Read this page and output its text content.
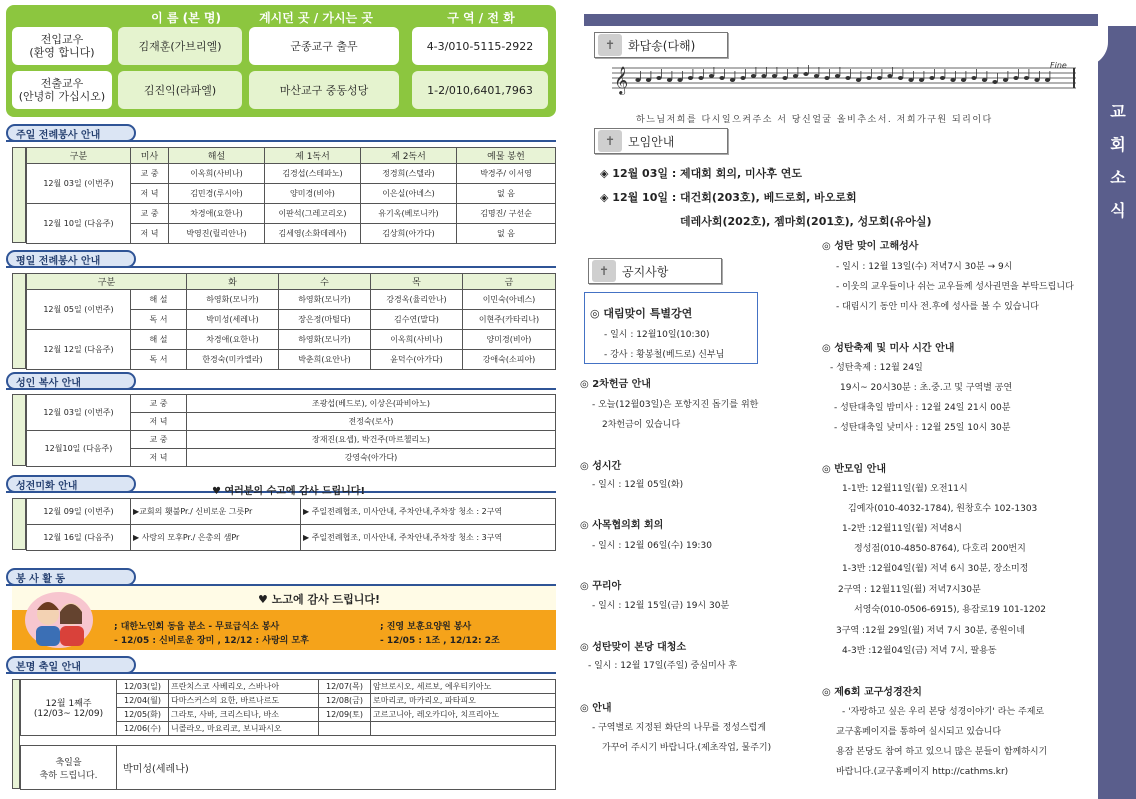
이 름 (본 명)	계시던 곳 / 가시는 곳	구 역 / 전 화
전입교우
(환영 합니다)	김재훈(가브리엘)	군종교구 출무	4-3/010-5115-2922
전출교우
(안녕히 가십시오)	김진익(라파엘)	마산교구 중동성당	1-2/010,6401,7963
주일 전례봉사 안내
구분	미사	해설	제 1독서	제 2독서	예물 봉헌
12월 03일 (이번주)	교 중	이옥희(사비나)	김경섭(스테파노)	정경희(스텔라)	박경주/ 이서영
	저 녁	김민경(루시아)	양미경(비아)	이은실(아녜스)	없 음
12월 10일 (다음주)	교 중	차경애(요한나)	이판석(그레고리오)	유기옥(베로니카)	김명진/ 구선순
	저 녁	박영진(릴리안나)	김세영(소화데레사)	김상희(아가다)	없 음
평일 전례봉사 안내
구분		화	수	목	금
12월 05일 (이번주)	해 설	하영화(모니카)	하영화(모니카)	강경옥(율리안나)	이민숙(아녜스)
	독 서	박미성(세레나)	장은정(마틸다)	김수연(말다)	이현주(카타리나)
12월 12일 (다음주)	해 설	차경애(요한나)	하영화(모니카)	이옥희(사비나)	양미경(비아)
	독 서	한경숙(미카엘라)	박춘희(요안나)	윤덕수(아가다)	강애숙(소피아)
성인 복사 안내
12월 03일 (이번주)	교 중	조광섭(베드로), 이상은(파비아노)
	저 녁	전정숙(로사)
12월10일 (다음주)	교 중	장재진(요셉), 박건주(마르첼리노)
	저 녁	강영숙(아가다)
성전미화 안내	♥ 여러분의 수고에 감사 드립니다!
12월 09일 (이번주)	▶교회의 횃불Pr./ 신비로운 그릇Pr	▶ 주일전례협조, 미사안내, 주차안내,주차장 청소 : 2구역
12월 16일 (다음주)	▶ 사랑의 모후Pr./ 은총의 샘Pr	▶ 주일전례협조, 미사안내, 주차안내,주차장 청소 : 3구역
봉 사 활 동
♥ 노고에 감사 드립니다!
; 대한노인회 동읍 분소 - 무료급식소 봉사
- 12/05 : 신비로운 장미 , 12/12 : 사랑의 모후
; 진영 보훈요양원 봉사
- 12/05 : 1조 , 12/12: 2조
본명 축일 안내
12월 1째주
(12/03~ 12/09)	12/03(일)	프란치스코 사베리오, 스바나아	12/07(목)	암브로시오, 세르보, 에우티키아노
	12/04(월)	다마스커스의 요한, 바르나르도	12/08(금)	로마리코, 마카리오, 파타피오
	12/05(화)	그라토, 사바, 크리스티나, 바소	12/09(토)	고르고니아, 레오카디아, 치프리아노
	12/06(수)	니콜라오, 마요리코, 보니파시오		
축일을
축하 드립니다.	박미성(세레나)
교
회
소
식
✝	화답송(다해)
𝄞
Fine
하느님저희를 다시일으켜주소 서 당신얼굴 올비추소서. 저희가구원 되리이다
✝	모임안내
◈ 12월 03일 : 제대회 회의, 미사후 연도
◈ 12월 10일 : 대건회(203호), 베드로회, 바오로회
데레사회(202호), 젬마회(201호), 성모회(유아실)
✝	공지사항
◎ 대림맞이 특별강연
- 일시 : 12월10일(10:30)
- 강사 : 황봉철(베드로) 신부님
◎ 2차헌금 안내
- 오늘(12월03일)은 포항지진 돕기를 위한
2차헌금이 있습니다
◎ 성시간
- 일시 : 12월 05일(화)
◎ 사목협의회 회의
- 일시 : 12월 06일(수) 19:30
◎ 꾸리아
- 일시 : 12월 15일(금) 19시 30분
◎ 성탄맞이 본당 대청소
- 일시 : 12월 17일(주일) 중심미사 후
◎ 안내
- 구역별로 지정된 화단의 나무를 정성스럽게
가꾸어 주시기 바랍니다.(제초작업, 물주기)
◎ 성탄 맞이 고해성사
- 일시 : 12월 13일(수) 저녁7시 30분 → 9시
- 이웃의 교우들이나 쉬는 교우들께 성사권면을 부탁드립니다
- 대림시기 동안 미사 전.후에 성사를 볼 수 있습니다
◎ 성탄축제 및 미사 시간 안내
- 성탄축제 : 12월 24일
19시~ 20시30분 : 초.중.고 및 구역별 공연
- 성탄대축일 밤미사 : 12월 24일 21시 00분
- 성탄대축일 낮미사 : 12월 25일 10시 30분
◎ 반모임 안내
1-1반: 12월11일(월) 오전11시
김예자(010-4032-1784), 원창호수 102-1303
1-2반 :12월11일(월) 저녁8시
정성점(010-4850-8764), 다호리 200번지
1-3반 :12월04일(월) 저녁 6시 30분, 장소미정
2구역 : 12월11일(월) 저녁7시30분
서영숙(010-0506-6915), 용잠로19 101-1202
3구역 :12월 29일(월) 저녁 7시 30분, 종원이네
4-3반 :12월04일(금) 저녁 7시, 팔용동
◎ 제6회 교구성경잔치
- '자랑하고 싶은 우리 본당 성경이야기' 라는 주제로
교구홈페이지를 통하여 실시되고 있습니다
용잠 본당도 참여 하고 있으니 많은 분들이 함께하시기
바랍니다.(교구홈페이지 http://cathms.kr)
